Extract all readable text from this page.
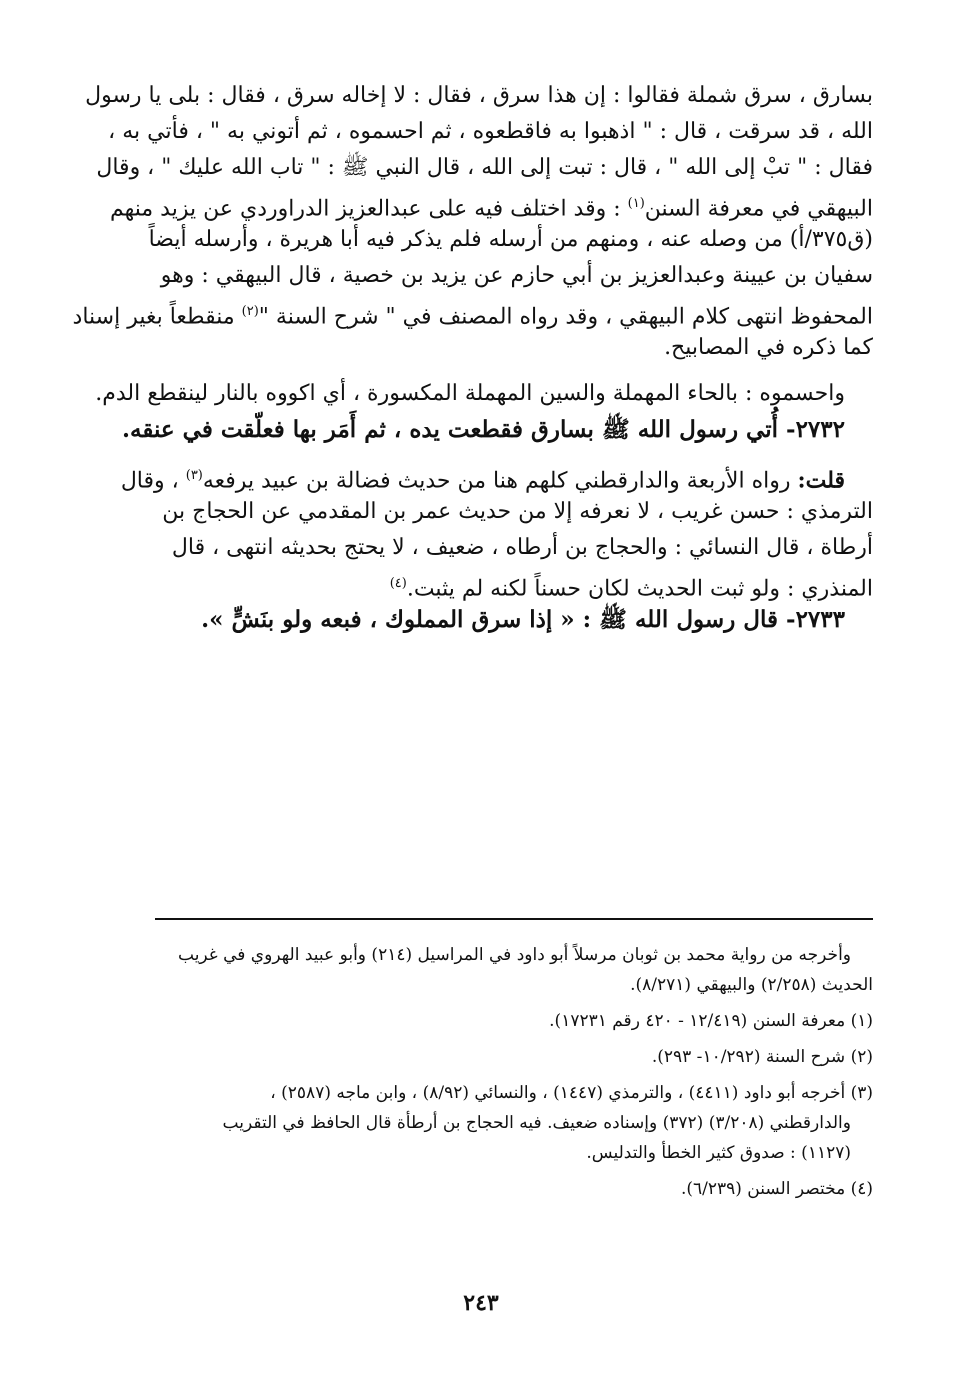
بسارق ، سرق شملة فقالوا : إن هذا سرق ، فقال : لا إخاله سرق ، فقال : بلى يا رسول
الله ، قد سرقت ، قال : " اذهبوا به فاقطعوه ، ثم احسموه ، ثم أتوني به " ، فأتي به ،
فقال : " تبْ إلى الله " ، قال : تبت إلى الله ، قال النبي ﷺ : " تاب الله عليك " ، وقال
البيهقي في معرفة السنن$^{(١)}$ : وقد اختلف فيه على عبدالعزيز الدراوردي عن يزيد منهم
(ق٣٧٥/أ) من وصله عنه ، ومنهم من أرسله فلم يذكر فيه أبا هريرة ، وأرسله أيضاً
سفيان بن عيينة وعبدالعزيز بن أبي حازم عن يزيد بن خصية ، قال البيهقي : وهو
المحفوظ انتهى كلام البيهقي ، وقد رواه المصنف في " شرح السنة "$^{(٢)}$ منقطعاً بغير إسناد
كما ذكره في المصابيح.
واحسموه : بالحاء المهملة والسين المهملة المكسورة ، أي اكووه بالنار لينقطع الدم.
٢٧٣٢- أُتي رسول الله ﷺ بسارق فقطعت يده ، ثم أَمَر بها فعلّقت في عنقه.
قلت: رواه الأربعة والدارقطني كلهم هنا من حديث فضالة بن عبيد يرفعه$^{(٣)}$ ، وقال
الترمذي : حسن غريب ، لا نعرفه إلا من حديث عمر بن المقدمي عن الحجاج بن
أرطاة ، قال النسائي : والحجاج بن أرطاه ، ضعيف ، لا يحتج بحديثه انتهى ، قال
المنذري : ولو ثبت الحديث لكان حسناً لكنه لم يثبت.$^{(٤)}$
٢٧٣٣- قال رسول الله ﷺ : « إذا سرق المملوك ، فبعه ولو بنَشٍّ ».
وأخرجه من رواية محمد بن ثوبان مرسلاً أبو داود في المراسيل (٢١٤) وأبو عبيد الهروي في غريب
الحديث (٢/٢٥٨) والبيهقي (٨/٢٧١).
(١) معرفة السنن (١٢/٤١٩ - ٤٢٠ رقم ١٧٢٣١).
(٢) شرح السنة (١٠/٢٩٢- ٢٩٣).
(٣) أخرجه أبو داود (٤٤١١) ، والترمذي (١٤٤٧) ، والنسائي (٨/٩٢) ، وابن ماجه (٢٥٨٧) ،
والدارقطني (٣/٢٠٨) (٣٧٢) وإسناده ضعيف. فيه الحجاج بن أرطأة قال الحافظ في التقريب
(١١٢٧) : صدوق كثير الخطأ والتدليس.
(٤) مختصر السنن (٦/٢٣٩).
٢٤٣
